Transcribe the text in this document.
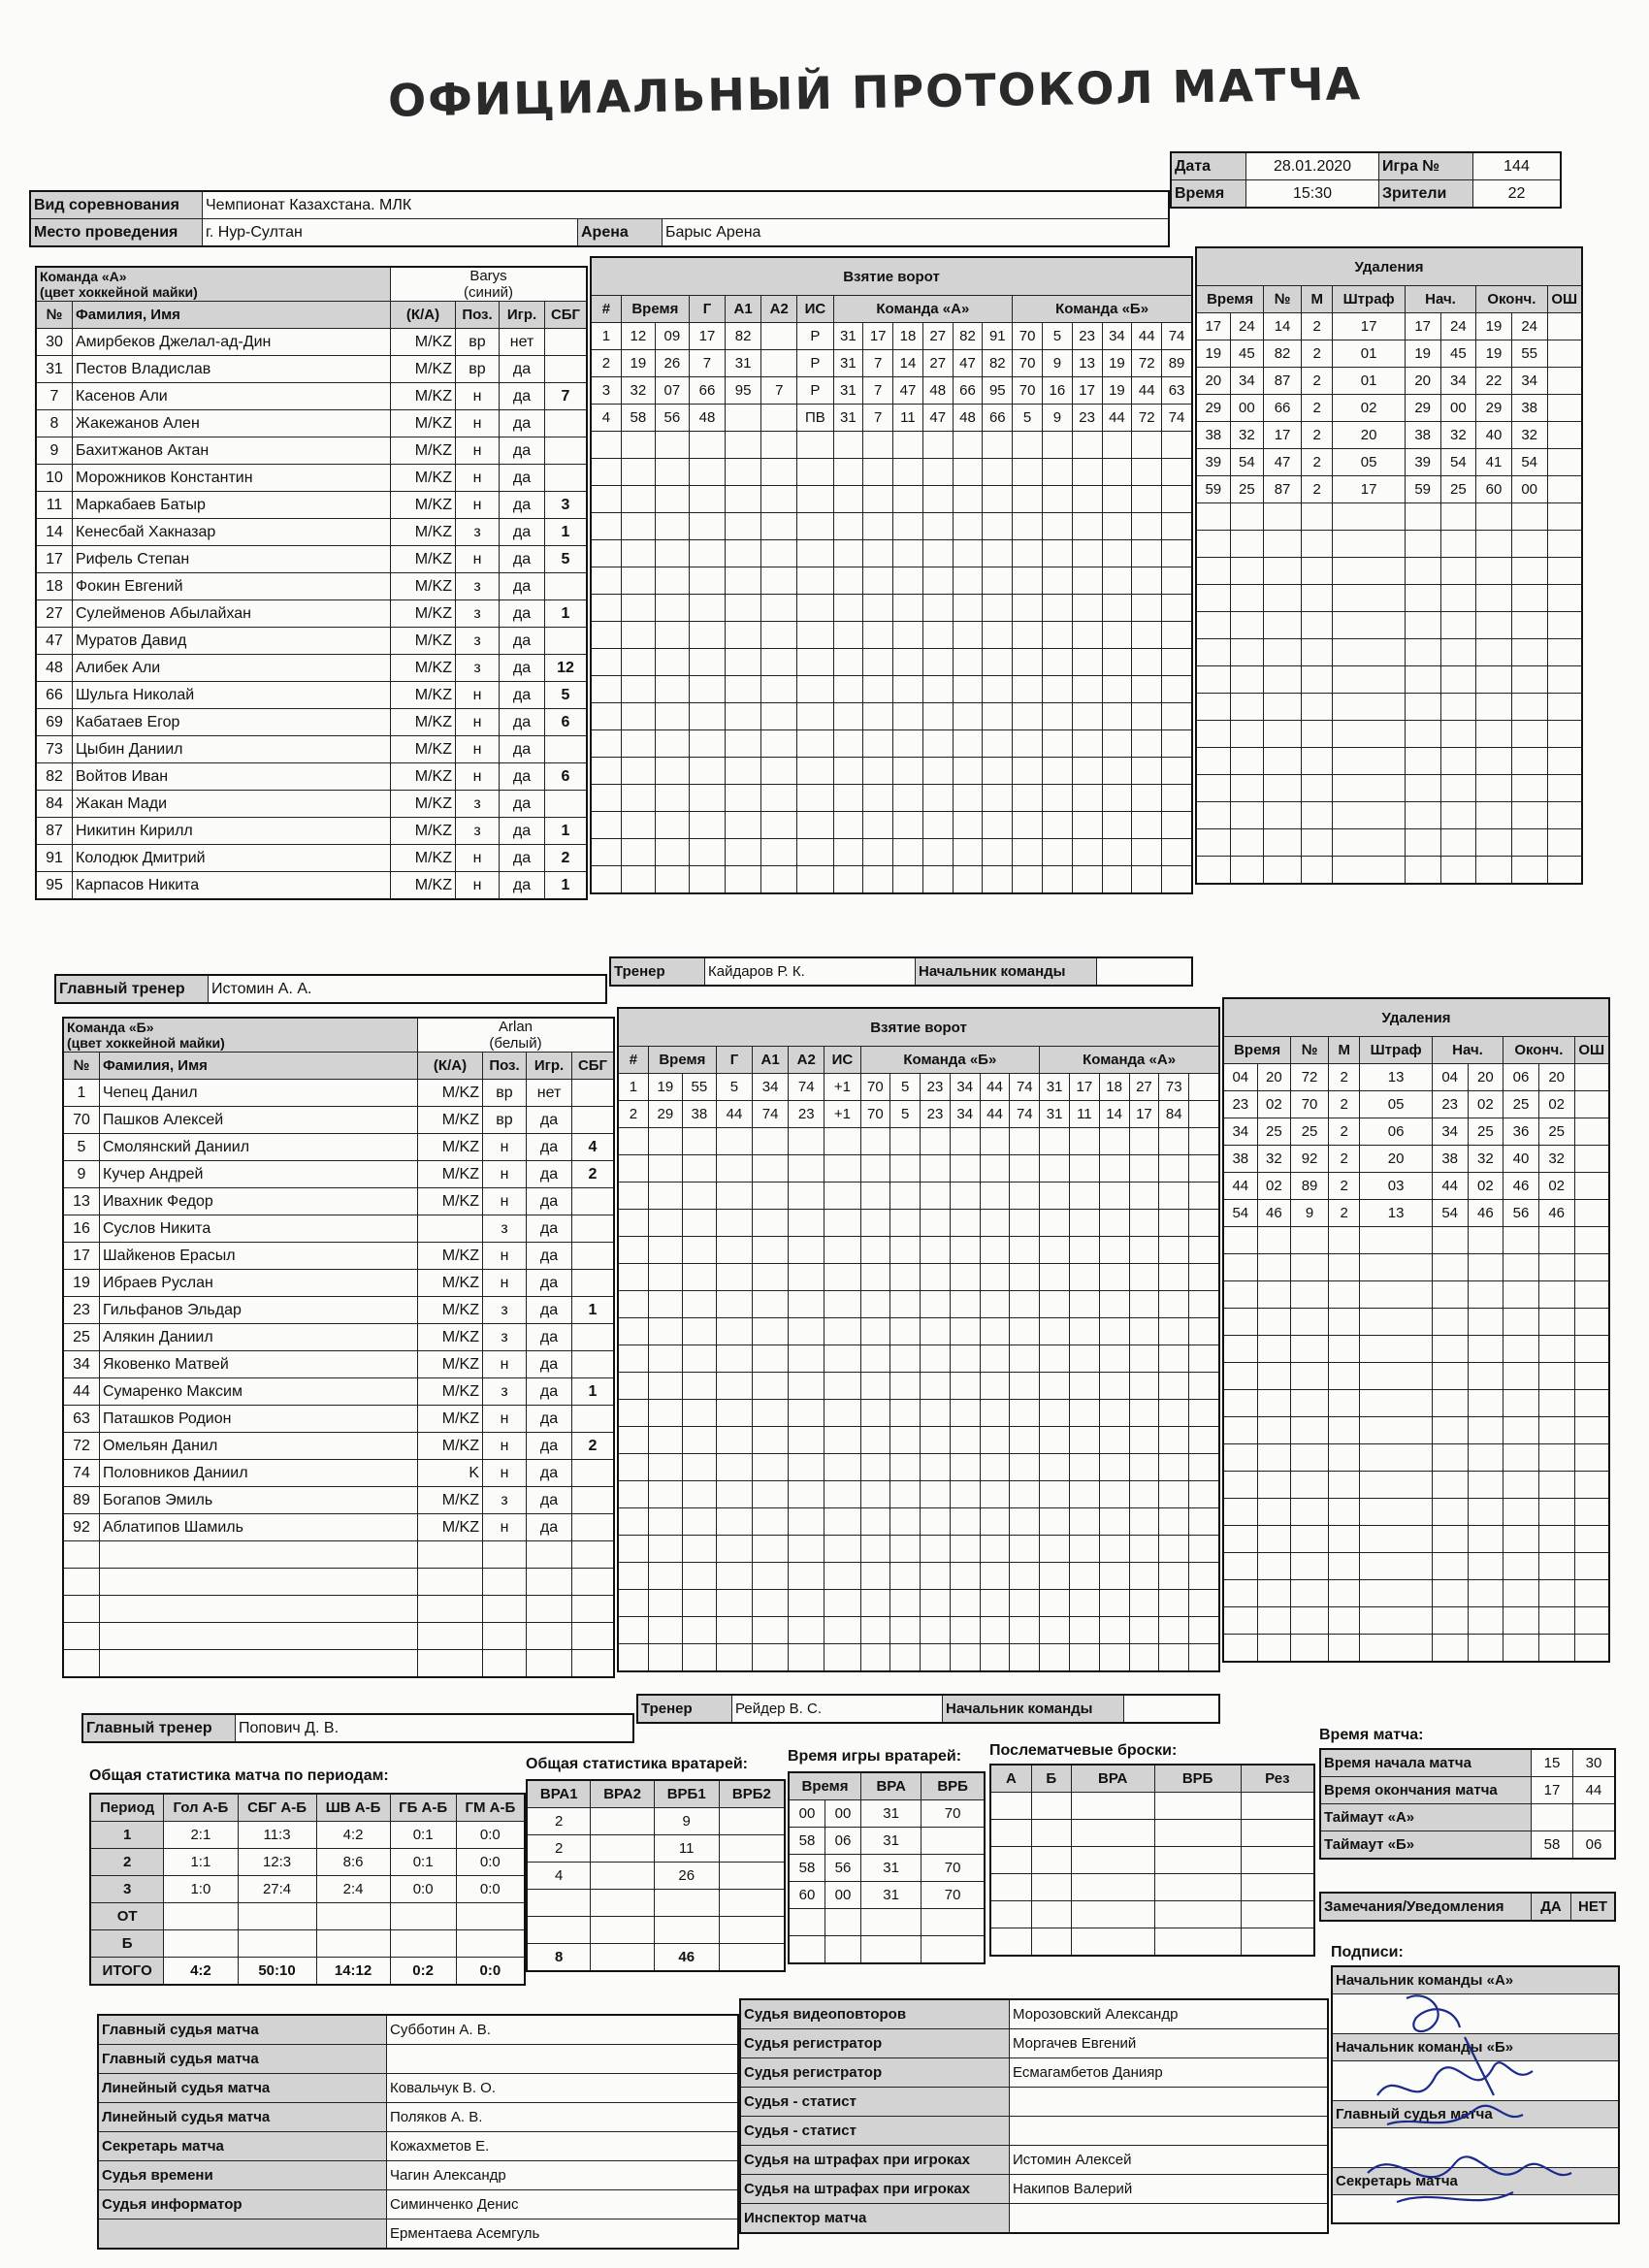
ОФИЦИАЛЬНЫЙ ПРОТОКОЛ МАТЧА
Вид соревнования	Чемпионат Казахстана. МЛК		
Место проведения	г. Нур-Султан	Арена	Барыс Арена
Дата	28.01.2020	Игра №	144
Время	15:30	Зрители	22
Команда «А»
(цвет хоккейной майки)		Barys
(синий)			
№	Фамилия, Имя	(К/А)	Поз.	Игр.	СБГ
30	Амирбеков Джелал-ад-Дин	M/KZ	вр	нет	
31	Пестов Владислав	M/KZ	вр	да	
7	Касенов Али	M/KZ	н	да	7
8	Жакежанов Ален	M/KZ	н	да	
9	Бахитжанов Актан	M/KZ	н	да	
10	Морожников Константин	M/KZ	н	да	
11	Маркабаев Батыр	M/KZ	н	да	3
14	Кенесбай Хакназар	M/KZ	з	да	1
17	Рифель Степан	M/KZ	н	да	5
18	Фокин Евгений	M/KZ	з	да	
27	Сулейменов Абылайхан	M/KZ	з	да	1
47	Муратов Давид	M/KZ	з	да	
48	Алибек Али	M/KZ	з	да	12
66	Шульга Николай	M/KZ	н	да	5
69	Кабатаев Егор	M/KZ	н	да	6
73	Цыбин Даниил	M/KZ	н	да	
82	Войтов Иван	M/KZ	н	да	6
84	Жакан Мади	M/KZ	з	да	
87	Никитин Кирилл	M/KZ	з	да	1
91	Колодюк Дмитрий	M/KZ	н	да	2
95	Карпасов Никита	M/KZ	н	да	1
Главный тренер	Истомин А. А.
Взятие ворот																		
#	Время		Г	А1	А2	ИС	Команда «А»						Команда «Б»					
1	12	09	17	82		Р	31	17	18	27	82	91	70	5	23	34	44	74
2	19	26	7	31		Р	31	7	14	27	47	82	70	9	13	19	72	89
3	32	07	66	95	7	Р	31	7	47	48	66	95	70	16	17	19	44	63
4	58	56	48			ПВ	31	7	11	47	48	66	5	9	23	44	72	74

Тренер	Кайдаров Р. К.	Начальник команды	
Удаления									
Время		№	М	Штраф	Нач.		Оконч.		ОШ
17	24	14	2	17	17	24	19	24	
19	45	82	2	01	19	45	19	55	
20	34	87	2	01	20	34	22	34	
29	00	66	2	02	29	00	29	38	
38	32	17	2	20	38	32	40	32	
39	54	47	2	05	39	54	41	54	
59	25	87	2	17	59	25	60	00	

Команда «Б»
(цвет хоккейной майки)		Arlan
(белый)			
№	Фамилия, Имя	(К/А)	Поз.	Игр.	СБГ
1	Чепец Данил	M/KZ	вр	нет	
70	Пашков Алексей	M/KZ	вр	да	
5	Смолянский Даниил	M/KZ	н	да	4
9	Кучер Андрей	M/KZ	н	да	2
13	Ивахник Федор	M/KZ	н	да	
16	Суслов Никита		з	да	
17	Шайкенов Ерасыл	M/KZ	н	да	
19	Ибраев Руслан	M/KZ	н	да	
23	Гильфанов Эльдар	M/KZ	з	да	1
25	Алякин Даниил	M/KZ	з	да	
34	Яковенко Матвей	M/KZ	н	да	
44	Сумаренко Максим	M/KZ	з	да	1
63	Паташков Родион	M/KZ	н	да	
72	Омельян Данил	M/KZ	н	да	2
74	Половников Даниил	K	н	да	
89	Богапов Эмиль	M/KZ	з	да	
92	Аблатипов Шамиль	M/KZ	н	да	

Главный тренер	Попович Д. В.
Взятие ворот																		
#	Время		Г	А1	А2	ИС	Команда «Б»						Команда «А»					
1	19	55	5	34	74	+1	70	5	23	34	44	74	31	17	18	27	73	
2	29	38	44	74	23	+1	70	5	23	34	44	74	31	11	14	17	84	

Тренер	Рейдер В. С.	Начальник команды	
Удаления									
Время		№	М	Штраф	Нач.		Оконч.		ОШ
04	20	72	2	13	04	20	06	20	
23	02	70	2	05	23	02	25	02	
34	25	25	2	06	34	25	36	25	
38	32	92	2	20	38	32	40	32	
44	02	89	2	03	44	02	46	02	
54	46	9	2	13	54	46	56	46	

Общая статистика матча по периодам:
Период	Гол А-Б	СБГ А-Б	ШВ А-Б	ГБ А-Б	ГМ А-Б
1	2:1	11:3	4:2	0:1	0:0
2	1:1	12:3	8:6	0:1	0:0
3	1:0	27:4	2:4	0:0	0:0
ОТ					
Б					
ИТОГО	4:2	50:10	14:12	0:2	0:0
Общая статистика вратарей:
ВРА1	ВРА2	ВРБ1	ВРБ2
2		9	
2		11	
4		26	

8		46	
Время игры вратарей:
Время		ВРА	ВРБ
00	00	31	70
58	06	31	
58	56	31	70
60	00	31	70

Послематчевые броски:
А	Б	ВРА	ВРБ	Рез

Время матча:
Время начала матча	15	30
Время окончания матча	17	44
Таймаут «А»		
Таймаут «Б»	58	06
Замечания/Уведомления	ДА	НЕТ
Главный судья матча	Субботин А. В.
Главный судья матча	
Линейный судья матча	Ковальчук В. О.
Линейный судья матча	Поляков А. В.
Секретарь матча	Кожахметов Е.
Судья времени	Чагин Александр
Судья информатор	Симинченко Денис
	Ерментаева Асемгуль
Судья видеоповторов	Морозовский Александр
Судья регистратор	Моргачев Евгений
Судья регистратор	Есмагамбетов Данияр
Судья - статист	
Судья - статист	
Судья на штрафах при игроках	Истомин Алексей
Судья на штрафах при игроках	Накипов Валерий
Инспектор матча	
Подписи:
Начальник команды «А»

Начальник команды «Б»

Главный судья матча

Секретарь матча
